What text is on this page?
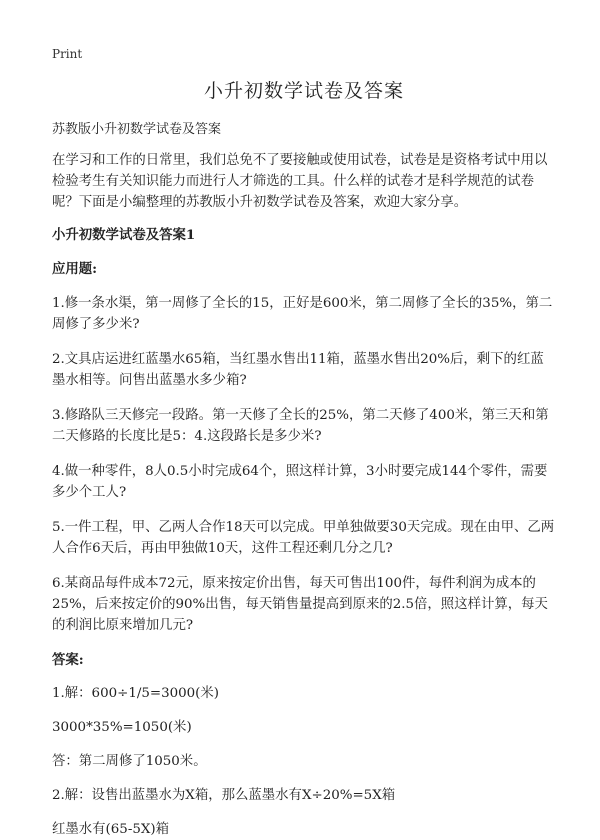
Print
小升初数学试卷及答案

苏教版小升初数学试卷及答案

在学习和工作的日常里，我们总免不了要接触或使用试卷，试卷是是资格考试中用以检验考生有关知识能力而进行人才筛选的工具。什么样的试卷才是科学规范的试卷呢？下面是小编整理的苏教版小升初数学试卷及答案，欢迎大家分享。

小升初数学试卷及答案1

应用题:

1.修一条水渠，第一周修了全长的15，正好是600米，第二周修了全长的35%，第二周修了多少米?

2.文具店运进红蓝墨水65箱，当红墨水售出11箱，蓝墨水售出20%后，剩下的红蓝墨水相等。问售出蓝墨水多少箱?

3.修路队三天修完一段路。第一天修了全长的25%，第二天修了400米，第三天和第二天修路的长度比是5：4.这段路长是多少米?

4.做一种零件，8人0.5小时完成64个，照这样计算，3小时要完成144个零件，需要多少个工人?

5.一件工程，甲、乙两人合作18天可以完成。甲单独做要30天完成。现在由甲、乙两人合作6天后，再由甲独做10天，这件工程还剩几分之几?

6.某商品每件成本72元，原来按定价出售，每天可售出100件，每件利润为成本的25%，后来按定价的90%出售，每天销售量提高到原来的2.5倍，照这样计算，每天的利润比原来增加几元?

答案:

1.解：600÷1/5=3000(米)

3000*35%=1050(米)

答：第二周修了1050米。

2.解：设售出蓝墨水为X箱，那么蓝墨水有X÷20%=5X箱

红墨水有(65-5X)箱
